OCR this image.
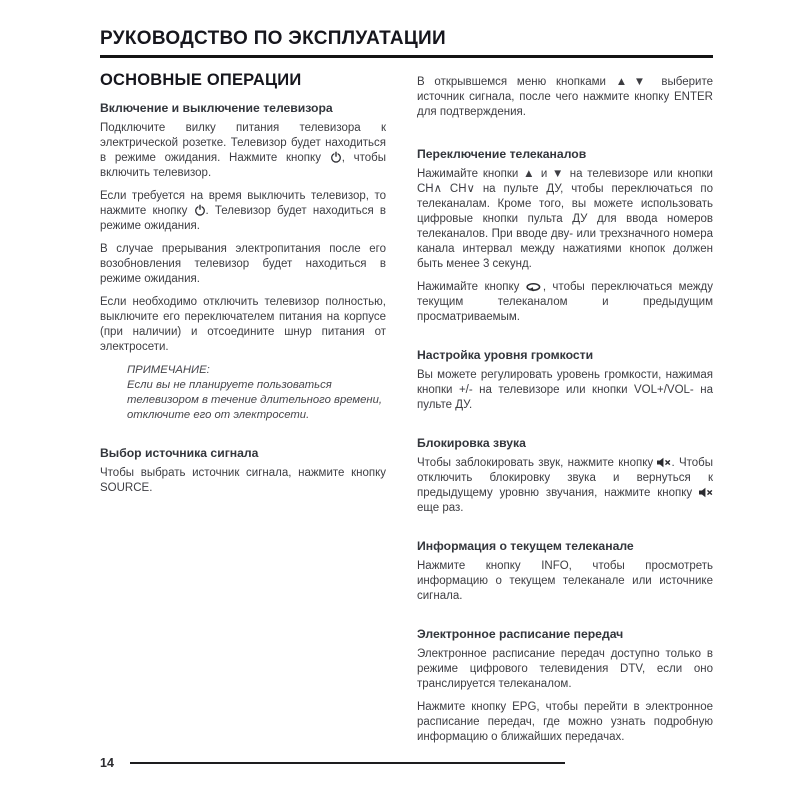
РУКОВОДСТВО ПО ЭКСПЛУАТАЦИИ
ОСНОВНЫЕ ОПЕРАЦИИ
Включение и выключение телевизора

Подключите вилку питания телевизора к электрической розетке. Телевизор будет находиться в режиме ожидания. Нажмите кнопку , чтобы включить телевизор.

Если требуется на время выключить телевизор, то нажмите кнопку . Телевизор будет находиться в режиме ожидания.

В случае прерывания электропитания после его возобновления телевизор будет находиться в режиме ожидания.

Если необходимо отключить телевизор полностью, выключите его переключателем питания на корпусе (при наличии) и отсоедините шнур питания от электросети.

ПРИМЕЧАНИЕ:
Если вы не планируете пользоваться телевизором в течение длительного времени, отключите его от электросети.
Выбор источника сигнала

Чтобы выбрать источник сигнала, нажмите кнопку SOURCE.

В открывшемся меню кнопками ▲▼ выберите источник сигнала, после чего нажмите кнопку ENTER для подтверждения.

Переключение телеканалов

Нажимайте кнопки ▲ и ▼ на телевизоре или кнопки CH∧ CH∨ на пульте ДУ, чтобы переключаться по телеканалам. Кроме того, вы можете использовать цифровые кнопки пульта ДУ для ввода номеров телеканалов. При вводе дву- или трехзначного номера канала интервал между нажатиями кнопок должен быть менее 3 секунд.

Нажимайте кнопку , чтобы переключаться между текущим телеканалом и предыдущим просматриваемым.

Настройка уровня громкости

Вы можете регулировать уровень громкости, нажимая кнопки +/- на телевизоре или кнопки VOL+/VOL- на пульте ДУ.

Блокировка звука

Чтобы заблокировать звук, нажмите кнопку . Чтобы отключить блокировку звука и вернуться к предыдущему уровню звучания, нажмите кнопку  еще раз.

Информация о текущем телеканале

Нажмите кнопку INFO, чтобы просмотреть информацию о текущем телеканале или источнике сигнала.

Электронное расписание передач

Электронное расписание передач доступно только в режиме цифрового телевидения DTV, если оно транслируется телеканалом.

Нажмите кнопку EPG, чтобы перейти в электронное расписание передач, где можно узнать подробную информацию о ближайших передачах.

14
